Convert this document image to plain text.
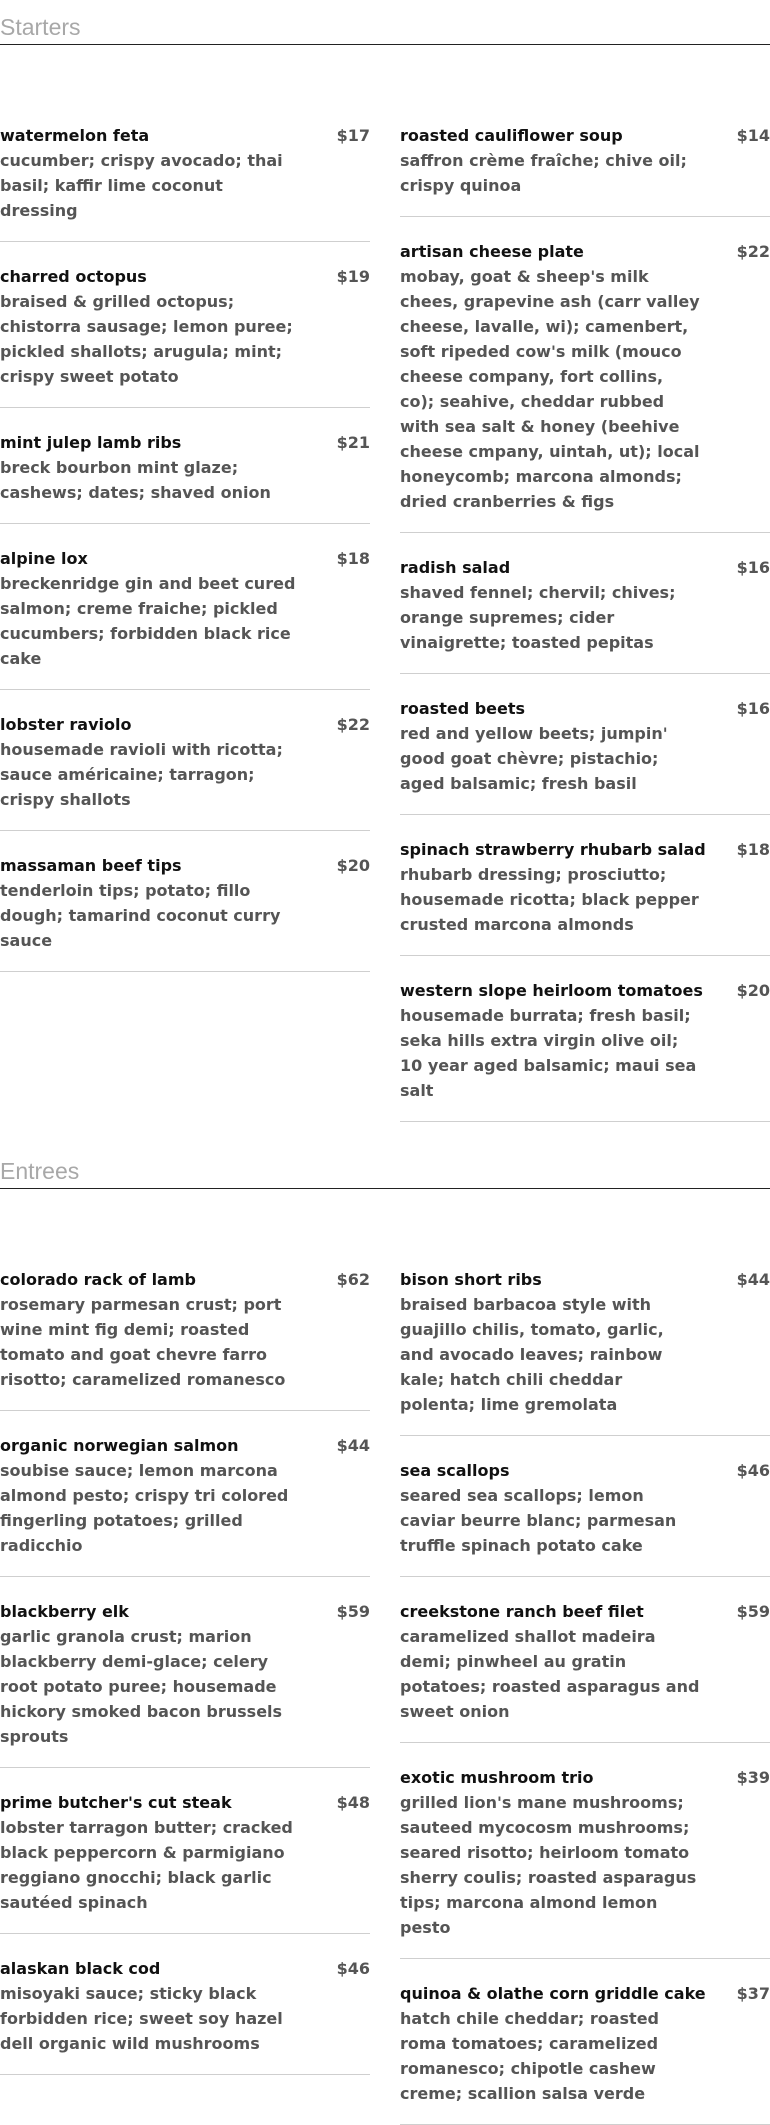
Starters
watermelon feta	$17
cucumber; crispy avocado; thai basil; kaffir lime coconut dressing
charred octopus	$19
braised & grilled octopus; chistorra sausage; lemon puree; pickled shallots; arugula; mint; crispy sweet potato
mint julep lamb ribs	$21
breck bourbon mint glaze; cashews; dates; shaved onion
alpine lox	$18
breckenridge gin and beet cured salmon; creme fraiche; pickled cucumbers; forbidden black rice cake
lobster raviolo	$22
housemade ravioli with ricotta; sauce américaine; tarragon; crispy shallots
massaman beef tips	$20
tenderloin tips; potato; fillo dough; tamarind coconut curry sauce
roasted cauliflower soup	$14
saffron crème fraîche; chive oil; crispy quinoa
artisan cheese plate	$22
mobay, goat & sheep's milk chees, grapevine ash (carr valley cheese, lavalle, wi); camenbert, soft ripeded cow's milk (mouco cheese company, fort collins, co); seahive, cheddar rubbed with sea salt & honey (beehive cheese cmpany, uintah, ut); local honeycomb; marcona almonds; dried cranberries & figs
radish salad	$16
shaved fennel; chervil; chives; orange supremes; cider vinaigrette; toasted pepitas
roasted beets	$16
red and yellow beets; jumpin' good goat chèvre; pistachio; aged balsamic; fresh basil
spinach strawberry rhubarb salad	$18
rhubarb dressing; prosciutto; housemade ricotta; black pepper crusted marcona almonds
western slope heirloom tomatoes	$20
housemade burrata; fresh basil; seka hills extra virgin olive oil; 10 year aged balsamic; maui sea salt
Entrees
colorado rack of lamb	$62
rosemary parmesan crust; port wine mint fig demi; roasted tomato and goat chevre farro risotto; caramelized romanesco
organic norwegian salmon	$44
soubise sauce; lemon marcona almond pesto; crispy tri colored fingerling potatoes; grilled radicchio
blackberry elk	$59
garlic granola crust; marion blackberry demi-glace; celery root potato puree; housemade hickory smoked bacon brussels sprouts
prime butcher's cut steak	$48
lobster tarragon butter; cracked black peppercorn & parmigiano reggiano gnocchi; black garlic sautéed spinach
alaskan black cod	$46
misoyaki sauce; sticky black forbidden rice; sweet soy hazel dell organic wild mushrooms
bison short ribs	$44
braised barbacoa style with guajillo chilis, tomato, garlic, and avocado leaves; rainbow kale; hatch chili cheddar polenta; lime gremolata
sea scallops	$46
seared sea scallops; lemon caviar beurre blanc; parmesan truffle spinach potato cake
creekstone ranch beef filet	$59
caramelized shallot madeira demi; pinwheel au gratin potatoes; roasted asparagus and sweet onion
exotic mushroom trio	$39
grilled lion's mane mushrooms; sauteed mycocosm mushrooms; seared risotto; heirloom tomato sherry coulis; roasted asparagus tips; marcona almond lemon pesto
quinoa & olathe corn griddle cake	$37
hatch chile cheddar; roasted roma tomatoes; caramelized romanesco; chipotle cashew creme; scallion salsa verde
